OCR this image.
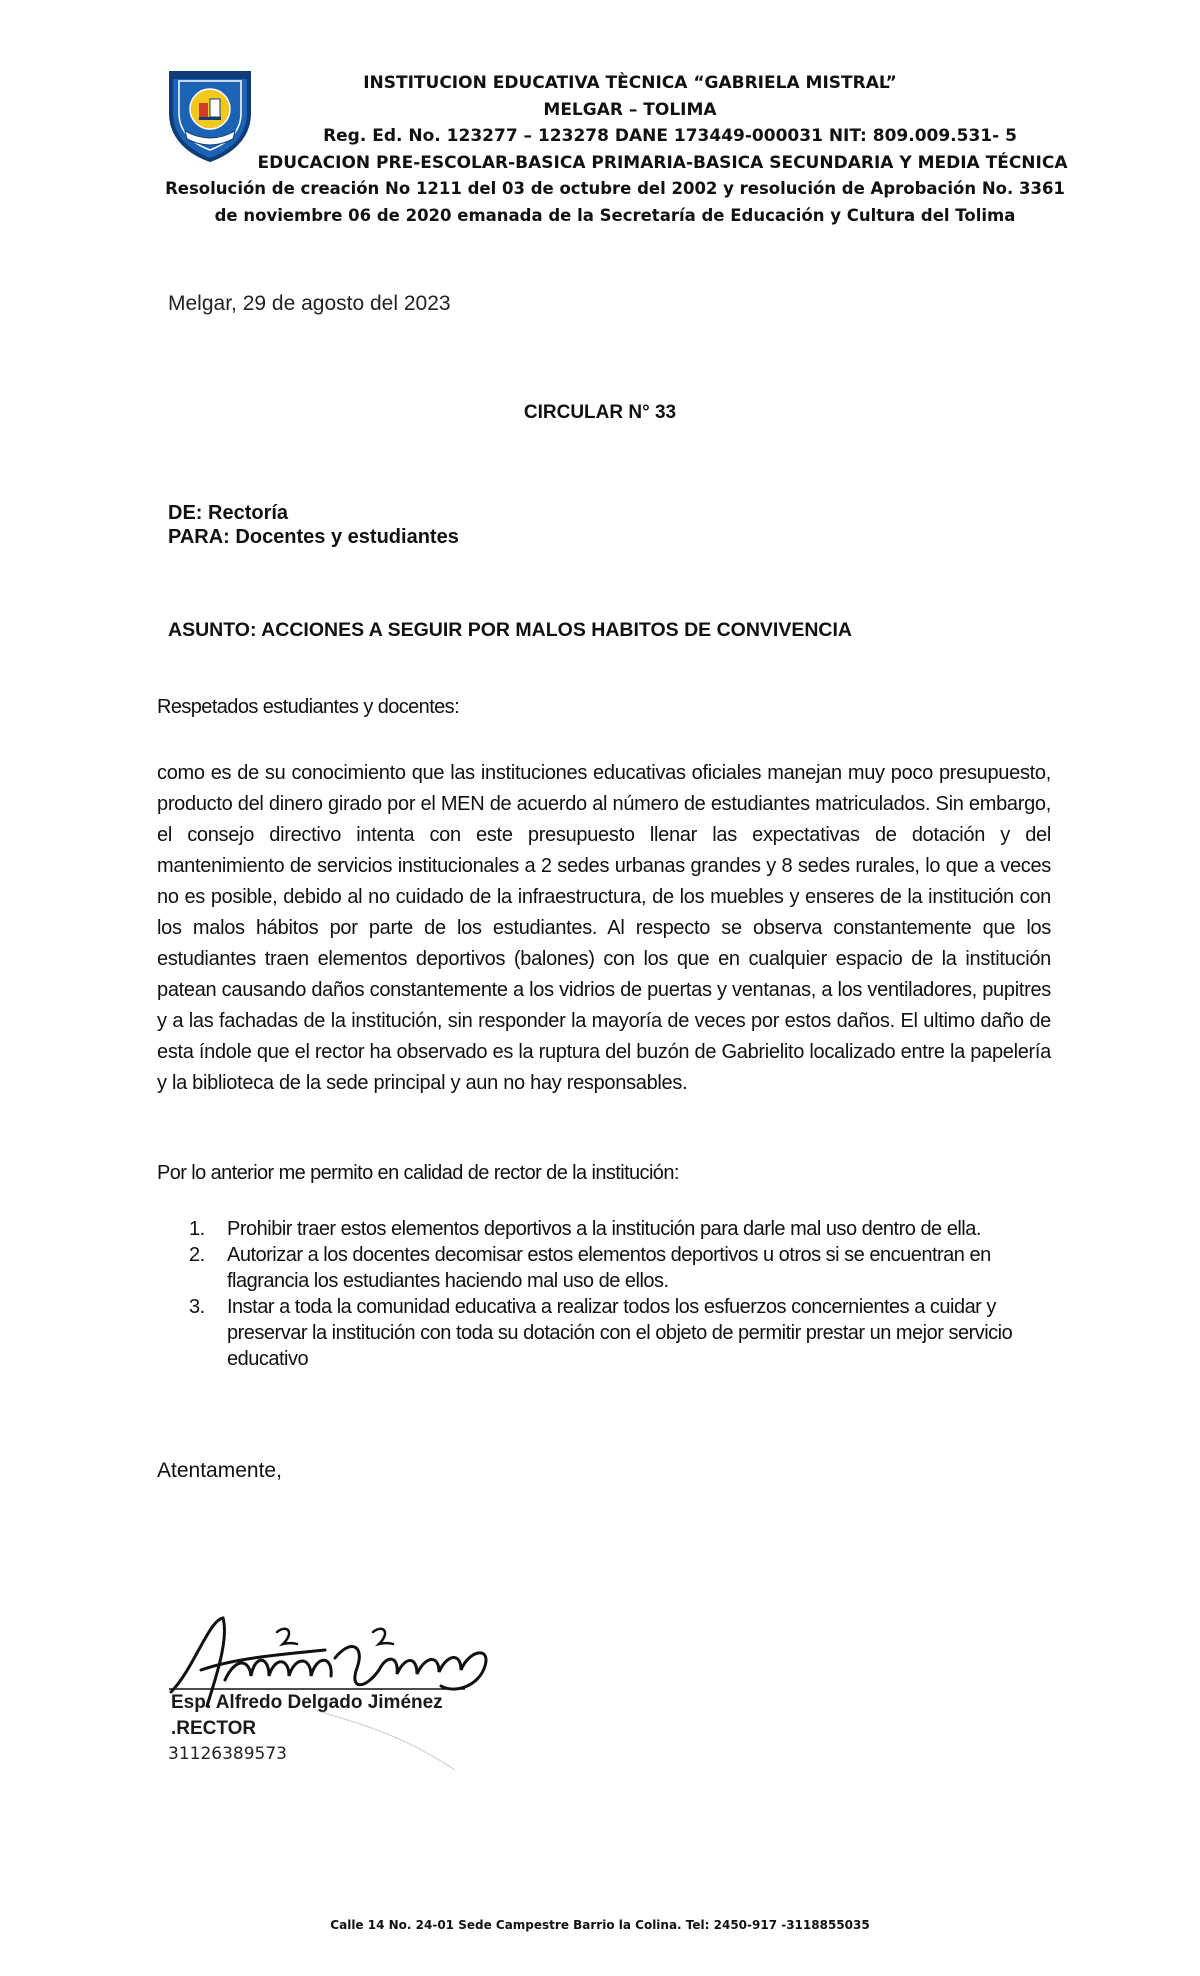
INSTITUCION EDUCATIVA TÈCNICA “GABRIELA MISTRAL”
MELGAR – TOLIMA
Reg. Ed. No. 123277 – 123278 DANE 173449-000031 NIT: 809.009.531- 5
EDUCACION PRE-ESCOLAR-BASICA PRIMARIA-BASICA SECUNDARIA Y MEDIA TÉCNICA
Resolución de creación No 1211 del 03 de octubre del 2002 y resolución de Aprobación No. 3361
de noviembre 06 de 2020 emanada de la Secretaría de Educación y Cultura del Tolima
Melgar, 29 de agosto del 2023
CIRCULAR N° 33
DE: Rectoría
PARA: Docentes y estudiantes
ASUNTO: ACCIONES A SEGUIR POR MALOS HABITOS DE CONVIVENCIA
Respetados estudiantes y docentes:
como es de su conocimiento que las instituciones educativas oficiales manejan muy poco presupuesto, producto del dinero girado por el MEN de acuerdo al número de estudiantes matriculados. Sin embargo, el consejo directivo intenta con este presupuesto llenar las expectativas de dotación y del mantenimiento de servicios institucionales a 2 sedes urbanas grandes y 8 sedes rurales, lo que a veces no es posible, debido al no cuidado de la infraestructura, de los muebles y enseres de la institución con los malos hábitos por parte de los estudiantes. Al respecto se observa constantemente que los estudiantes traen elementos deportivos (balones) con los que en cualquier espacio de la institución patean causando daños constantemente a los vidrios de puertas y ventanas, a los ventiladores, pupitres y a las fachadas de la institución, sin responder la mayoría de veces por estos daños. El ultimo daño de esta índole que el rector ha observado es la ruptura del buzón de Gabrielito localizado entre la papelería y la biblioteca de la sede principal y aun no hay responsables.
Por lo anterior me permito en calidad de rector de la institución:
1. Prohibir traer estos elementos deportivos a la institución para darle mal uso dentro de ella.
2. Autorizar a los docentes decomisar estos elementos deportivos u otros si se encuentran en flagrancia los estudiantes haciendo mal uso de ellos.
3. Instar a toda la comunidad educativa a realizar todos los esfuerzos concernientes a cuidar y preservar la institución con toda su dotación con el objeto de permitir prestar un mejor servicio educativo
Atentamente,
Esp. Alfredo Delgado Jiménez
.RECTOR
31126389573
Calle 14 No. 24-01 Sede Campestre Barrio la Colina. Tel: 2450-917 -3118855035
